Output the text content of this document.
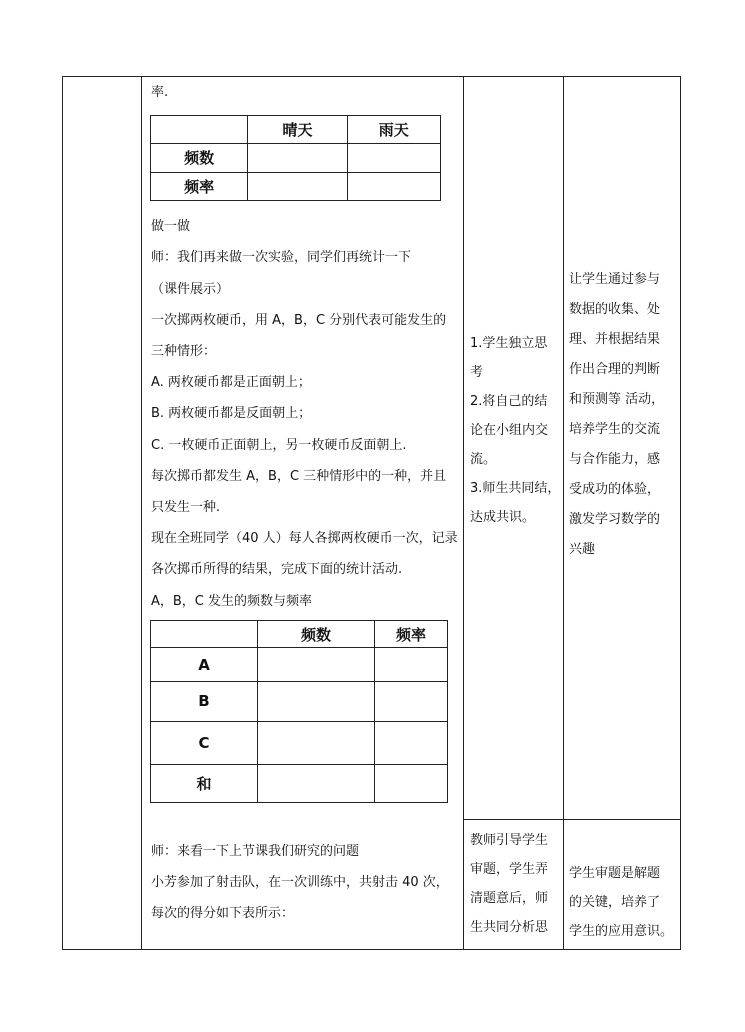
率.
	晴天	雨天
频数		
频率		
做一做
师：我们再来做一次实验，同学们再统计一下
（课件展示）
一次掷两枚硬币，用 A，B，C 分别代表可能发生的
三种情形：
A. 两枚硬币都是正面朝上；
B. 两枚硬币都是反面朝上；
C. 一枚硬币正面朝上，另一枚硬币反面朝上.
每次掷币都发生 A，B，C 三种情形中的一种，并且
只发生一种.
现在全班同学（40 人）每人各掷两枚硬币一次，记录
各次掷币所得的结果，完成下面的统计活动.
A，B，C 发生的频数与频率
	频数	频率
A		
B		
C		
和		
师：来看一下上节课我们研究的问题
小芳参加了射击队，在一次训练中，共射击 40 次，
每次的得分如下表所示：
1.学生独立思
考
2.将自己的结
论在小组内交
流。
3.师生共同结，
达成共识。
教师引导学生
审题，学生弄
清题意后，师
生共同分析思
让学生通过参与
数据的收集、处
理、并根据结果
作出合理的判断
和预测等 活动，
培养学生的交流
与合作能力，感
受成功的体验，
激发学习数学的
兴趣
学生审题是解题
的关键，培养了
学生的应用意识。
